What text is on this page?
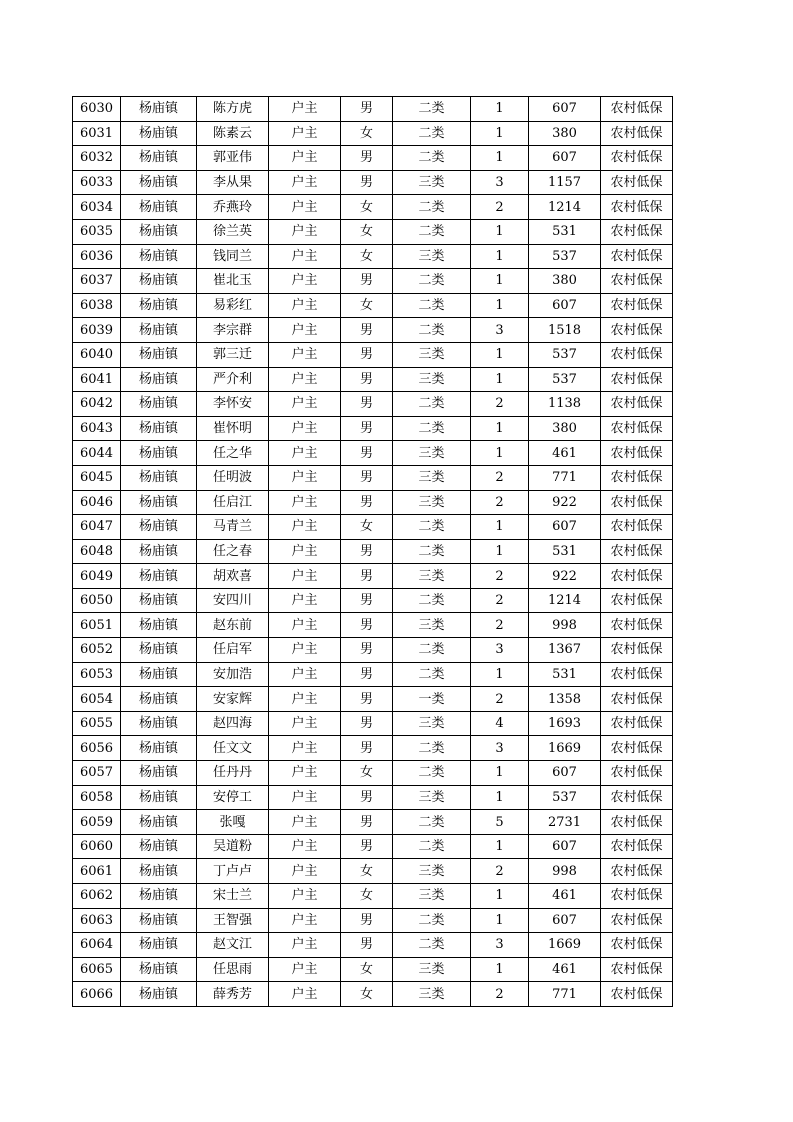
6030	杨庙镇	陈方虎	户主	男	二类	1	607	农村低保
6031	杨庙镇	陈素云	户主	女	二类	1	380	农村低保
6032	杨庙镇	郭亚伟	户主	男	二类	1	607	农村低保
6033	杨庙镇	李从果	户主	男	三类	3	1157	农村低保
6034	杨庙镇	乔燕玲	户主	女	二类	2	1214	农村低保
6035	杨庙镇	徐兰英	户主	女	二类	1	531	农村低保
6036	杨庙镇	钱同兰	户主	女	三类	1	537	农村低保
6037	杨庙镇	崔北玉	户主	男	二类	1	380	农村低保
6038	杨庙镇	易彩红	户主	女	二类	1	607	农村低保
6039	杨庙镇	李宗群	户主	男	二类	3	1518	农村低保
6040	杨庙镇	郭三迁	户主	男	三类	1	537	农村低保
6041	杨庙镇	严介利	户主	男	三类	1	537	农村低保
6042	杨庙镇	李怀安	户主	男	二类	2	1138	农村低保
6043	杨庙镇	崔怀明	户主	男	二类	1	380	农村低保
6044	杨庙镇	任之华	户主	男	三类	1	461	农村低保
6045	杨庙镇	任明波	户主	男	三类	2	771	农村低保
6046	杨庙镇	任启江	户主	男	三类	2	922	农村低保
6047	杨庙镇	马青兰	户主	女	二类	1	607	农村低保
6048	杨庙镇	任之春	户主	男	二类	1	531	农村低保
6049	杨庙镇	胡欢喜	户主	男	三类	2	922	农村低保
6050	杨庙镇	安四川	户主	男	二类	2	1214	农村低保
6051	杨庙镇	赵东前	户主	男	三类	2	998	农村低保
6052	杨庙镇	任启军	户主	男	二类	3	1367	农村低保
6053	杨庙镇	安加浩	户主	男	二类	1	531	农村低保
6054	杨庙镇	安家辉	户主	男	一类	2	1358	农村低保
6055	杨庙镇	赵四海	户主	男	三类	4	1693	农村低保
6056	杨庙镇	任文文	户主	男	二类	3	1669	农村低保
6057	杨庙镇	任丹丹	户主	女	二类	1	607	农村低保
6058	杨庙镇	安停工	户主	男	三类	1	537	农村低保
6059	杨庙镇	张嘎	户主	男	二类	5	2731	农村低保
6060	杨庙镇	吴道粉	户主	男	二类	1	607	农村低保
6061	杨庙镇	丁卢卢	户主	女	三类	2	998	农村低保
6062	杨庙镇	宋士兰	户主	女	三类	1	461	农村低保
6063	杨庙镇	王智强	户主	男	二类	1	607	农村低保
6064	杨庙镇	赵文江	户主	男	二类	3	1669	农村低保
6065	杨庙镇	任思雨	户主	女	三类	1	461	农村低保
6066	杨庙镇	薛秀芳	户主	女	三类	2	771	农村低保
